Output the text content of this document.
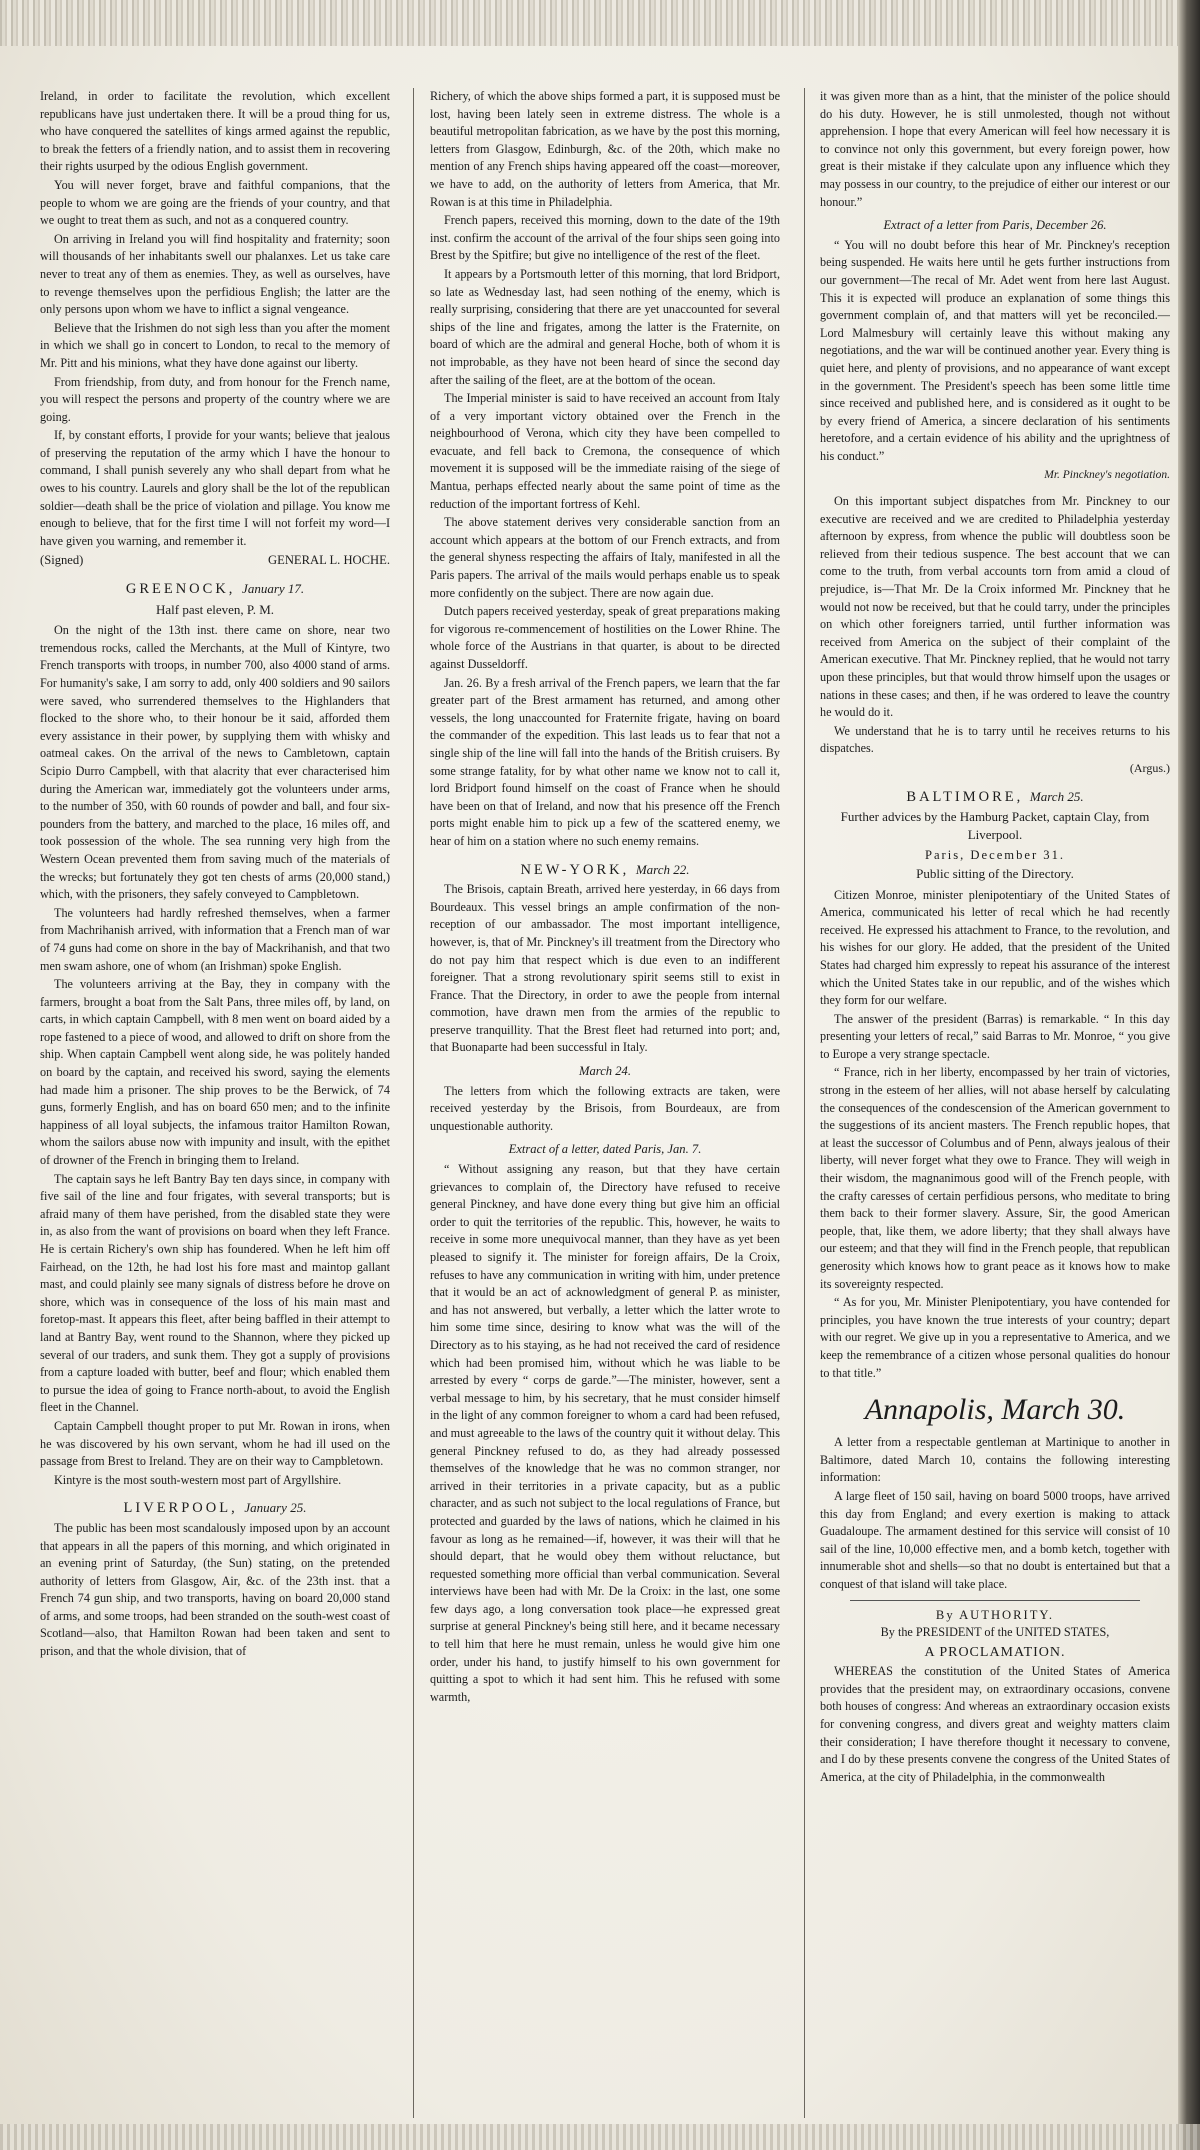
Ireland, in order to facilitate the revolution, which excellent republicans have just undertaken there. It will be a proud thing for us, who have conquered the satellites of kings armed against the republic, to break the fetters of a friendly nation, and to assist them in recovering their rights usurped by the odious English government.

You will never forget, brave and faithful companions, that the people to whom we are going are the friends of your country, and that we ought to treat them as such, and not as a conquered country.

On arriving in Ireland you will find hospitality and fraternity; soon will thousands of her inhabitants swell our phalanxes. Let us take care never to treat any of them as enemies. They, as well as ourselves, have to revenge themselves upon the perfidious English; the latter are the only persons upon whom we have to inflict a signal vengeance.

Believe that the Irishmen do not sigh less than you after the moment in which we shall go in concert to London, to recal to the memory of Mr. Pitt and his minions, what they have done against our liberty.

From friendship, from duty, and from honour for the French name, you will respect the persons and property of the country where we are going.

If, by constant efforts, I provide for your wants; believe that jealous of preserving the reputation of the army which I have the honour to command, I shall punish severely any who shall depart from what he owes to his country. Laurels and glory shall be the lot of the republican soldier—death shall be the price of violation and pillage. You know me enough to believe, that for the first time I will not forfeit my word—I have given you warning, and remember it.

(Signed)	GENERAL L. HOCHE.
GREENOCK, January 17.
Half past eleven, P. M.

On the night of the 13th inst. there came on shore, near two tremendous rocks, called the Merchants, at the Mull of Kintyre, two French transports with troops, in number 700, also 4000 stand of arms. For humanity's sake, I am sorry to add, only 400 soldiers and 90 sailors were saved, who surrendered themselves to the Highlanders that flocked to the shore who, to their honour be it said, afforded them every assistance in their power, by supplying them with whisky and oatmeal cakes. On the arrival of the news to Cambletown, captain Scipio Durro Campbell, with that alacrity that ever characterised him during the American war, immediately got the volunteers under arms, to the number of 350, with 60 rounds of powder and ball, and four six-pounders from the battery, and marched to the place, 16 miles off, and took possession of the whole. The sea running very high from the Western Ocean prevented them from saving much of the materials of the wrecks; but fortunately they got ten chests of arms (20,000 stand,) which, with the prisoners, they safely conveyed to Campbletown.

The volunteers had hardly refreshed themselves, when a farmer from Machrihanish arrived, with information that a French man of war of 74 guns had come on shore in the bay of Mackrihanish, and that two men swam ashore, one of whom (an Irishman) spoke English.

The volunteers arriving at the Bay, they in company with the farmers, brought a boat from the Salt Pans, three miles off, by land, on carts, in which captain Campbell, with 8 men went on board aided by a rope fastened to a piece of wood, and allowed to drift on shore from the ship. When captain Campbell went along side, he was politely handed on board by the captain, and received his sword, saying the elements had made him a prisoner. The ship proves to be the Berwick, of 74 guns, formerly English, and has on board 650 men; and to the infinite happiness of all loyal subjects, the infamous traitor Hamilton Rowan, whom the sailors abuse now with impunity and insult, with the epithet of drowner of the French in bringing them to Ireland.

The captain says he left Bantry Bay ten days since, in company with five sail of the line and four frigates, with several transports; but is afraid many of them have perished, from the disabled state they were in, as also from the want of provisions on board when they left France. He is certain Richery's own ship has foundered. When he left him off Fairhead, on the 12th, he had lost his fore mast and maintop gallant mast, and could plainly see many signals of distress before he drove on shore, which was in consequence of the loss of his main mast and foretop-mast. It appears this fleet, after being baffled in their attempt to land at Bantry Bay, went round to the Shannon, where they picked up several of our traders, and sunk them. They got a supply of provisions from a capture loaded with butter, beef and flour; which enabled them to pursue the idea of going to France north-about, to avoid the English fleet in the Channel.

Captain Campbell thought proper to put Mr. Rowan in irons, when he was discovered by his own servant, whom he had ill used on the passage from Brest to Ireland. They are on their way to Campbletown.

Kintyre is the most south-western most part of Argyllshire.

LIVERPOOL, January 25.

The public has been most scandalously imposed upon by an account that appears in all the papers of this morning, and which originated in an evening print of Saturday, (the Sun) stating, on the pretended authority of letters from Glasgow, Air, &c. of the 23th inst. that a French 74 gun ship, and two transports, having on board 20,000 stand of arms, and some troops, had been stranded on the south-west coast of Scotland—also, that Hamilton Rowan had been taken and sent to prison, and that the whole division, that of

Richery, of which the above ships formed a part, it is supposed must be lost, having been lately seen in extreme distress. The whole is a beautiful metropolitan fabrication, as we have by the post this morning, letters from Glasgow, Edinburgh, &c. of the 20th, which make no mention of any French ships having appeared off the coast—moreover, we have to add, on the authority of letters from America, that Mr. Rowan is at this time in Philadelphia.

French papers, received this morning, down to the date of the 19th inst. confirm the account of the arrival of the four ships seen going into Brest by the Spitfire; but give no intelligence of the rest of the fleet.

It appears by a Portsmouth letter of this morning, that lord Bridport, so late as Wednesday last, had seen nothing of the enemy, which is really surprising, considering that there are yet unaccounted for several ships of the line and frigates, among the latter is the Fraternite, on board of which are the admiral and general Hoche, both of whom it is not improbable, as they have not been heard of since the second day after the sailing of the fleet, are at the bottom of the ocean.

The Imperial minister is said to have received an account from Italy of a very important victory obtained over the French in the neighbourhood of Verona, which city they have been compelled to evacuate, and fell back to Cremona, the consequence of which movement it is supposed will be the immediate raising of the siege of Mantua, perhaps effected nearly about the same point of time as the reduction of the important fortress of Kehl.

The above statement derives very considerable sanction from an account which appears at the bottom of our French extracts, and from the general shyness respecting the affairs of Italy, manifested in all the Paris papers. The arrival of the mails would perhaps enable us to speak more confidently on the subject. There are now again due.

Dutch papers received yesterday, speak of great preparations making for vigorous re-commencement of hostilities on the Lower Rhine. The whole force of the Austrians in that quarter, is about to be directed against Dusseldorff.

Jan. 26. By a fresh arrival of the French papers, we learn that the far greater part of the Brest armament has returned, and among other vessels, the long unaccounted for Fraternite frigate, having on board the commander of the expedition. This last leads us to fear that not a single ship of the line will fall into the hands of the British cruisers. By some strange fatality, for by what other name we know not to call it, lord Bridport found himself on the coast of France when he should have been on that of Ireland, and now that his presence off the French ports might enable him to pick up a few of the scattered enemy, we hear of him on a station where no such enemy remains.

NEW-YORK, March 22.

The Brisois, captain Breath, arrived here yesterday, in 66 days from Bourdeaux. This vessel brings an ample confirmation of the non-reception of our ambassador. The most important intelligence, however, is, that of Mr. Pinckney's ill treatment from the Directory who do not pay him that respect which is due even to an indifferent foreigner. That a strong revolutionary spirit seems still to exist in France. That the Directory, in order to awe the people from internal commotion, have drawn men from the armies of the republic to preserve tranquillity. That the Brest fleet had returned into port; and, that Buonaparte had been successful in Italy.

March 24.

The letters from which the following extracts are taken, were received yesterday by the Brisois, from Bourdeaux, are from unquestionable authority.

Extract of a letter, dated Paris, Jan. 7.

“ Without assigning any reason, but that they have certain grievances to complain of, the Directory have refused to receive general Pinckney, and have done every thing but give him an official order to quit the territories of the republic. This, however, he waits to receive in some more unequivocal manner, than they have as yet been pleased to signify it. The minister for foreign affairs, De la Croix, refuses to have any communication in writing with him, under pretence that it would be an act of acknowledgment of general P. as minister, and has not answered, but verbally, a letter which the latter wrote to him some time since, desiring to know what was the will of the Directory as to his staying, as he had not received the card of residence which had been promised him, without which he was liable to be arrested by every “ corps de garde.”—The minister, however, sent a verbal message to him, by his secretary, that he must consider himself in the light of any common foreigner to whom a card had been refused, and must agreeable to the laws of the country quit it without delay. This general Pinckney refused to do, as they had already possessed themselves of the knowledge that he was no common stranger, nor arrived in their territories in a private capacity, but as a public character, and as such not subject to the local regulations of France, but protected and guarded by the laws of nations, which he claimed in his favour as long as he remained—if, however, it was their will that he should depart, that he would obey them without reluctance, but requested something more official than verbal communication. Several interviews have been had with Mr. De la Croix: in the last, one some few days ago, a long conversation took place—he expressed great surprise at general Pinckney's being still here, and it became necessary to tell him that here he must remain, unless he would give him one order, under his hand, to justify himself to his own government for quitting a spot to which it had sent him. This he refused with some warmth,

it was given more than as a hint, that the minister of the police should do his duty. However, he is still unmolested, though not without apprehension. I hope that every American will feel how necessary it is to convince not only this government, but every foreign power, how great is their mistake if they calculate upon any influence which they may possess in our country, to the prejudice of either our interest or our honour.”

Extract of a letter from Paris, December 26.

“ You will no doubt before this hear of Mr. Pinckney's reception being suspended. He waits here until he gets further instructions from our government—The recal of Mr. Adet went from here last August. This it is expected will produce an explanation of some things this government complain of, and that matters will yet be reconciled.—Lord Malmesbury will certainly leave this without making any negotiations, and the war will be continued another year. Every thing is quiet here, and plenty of provisions, and no appearance of want except in the government. The President's speech has been some little time since received and published here, and is considered as it ought to be by every friend of America, a sincere declaration of his sentiments heretofore, and a certain evidence of his ability and the uprightness of his conduct.”

Mr. Pinckney's negotiation.

On this important subject dispatches from Mr. Pinckney to our executive are received and we are credited to Philadelphia yesterday afternoon by express, from whence the public will doubtless soon be relieved from their tedious suspence. The best account that we can come to the truth, from verbal accounts torn from amid a cloud of prejudice, is—That Mr. De la Croix informed Mr. Pinckney that he would not now be received, but that he could tarry, under the principles on which other foreigners tarried, until further information was received from America on the subject of their complaint of the American executive. That Mr. Pinckney replied, that he would not tarry upon these principles, but that would throw himself upon the usages or nations in these cases; and then, if he was ordered to leave the country he would do it.

We understand that he is to tarry until he receives returns to his dispatches.

(Argus.)
BALTIMORE, March 25.
Further advices by the Hamburg Packet, captain Clay, from Liverpool.
Paris, December 31.
Public sitting of the Directory.

Citizen Monroe, minister plenipotentiary of the United States of America, communicated his letter of recal which he had recently received. He expressed his attachment to France, to the revolution, and his wishes for our glory. He added, that the president of the United States had charged him expressly to repeat his assurance of the interest which the United States take in our republic, and of the wishes which they form for our welfare.

The answer of the president (Barras) is remarkable. “ In this day presenting your letters of recal,” said Barras to Mr. Monroe, “ you give to Europe a very strange spectacle.

“ France, rich in her liberty, encompassed by her train of victories, strong in the esteem of her allies, will not abase herself by calculating the consequences of the condescension of the American government to the suggestions of its ancient masters. The French republic hopes, that at least the successor of Columbus and of Penn, always jealous of their liberty, will never forget what they owe to France. They will weigh in their wisdom, the magnanimous good will of the French people, with the crafty caresses of certain perfidious persons, who meditate to bring them back to their former slavery. Assure, Sir, the good American people, that, like them, we adore liberty; that they shall always have our esteem; and that they will find in the French people, that republican generosity which knows how to grant peace as it knows how to make its sovereignty respected.

“ As for you, Mr. Minister Plenipotentiary, you have contended for principles, you have known the true interests of your country; depart with our regret. We give up in you a representative to America, and we keep the remembrance of a citizen whose personal qualities do honour to that title.”

Annapolis, March 30.

A letter from a respectable gentleman at Martinique to another in Baltimore, dated March 10, contains the following interesting information:

A large fleet of 150 sail, having on board 5000 troops, have arrived this day from England; and every exertion is making to attack Guadaloupe. The armament destined for this service will consist of 10 sail of the line, 10,000 effective men, and a bomb ketch, together with innumerable shot and shells—so that no doubt is entertained but that a conquest of that island will take place.

By AUTHORITY.
By the PRESIDENT of the UNITED STATES,
A PROCLAMATION.

WHEREAS the constitution of the United States of America provides that the president may, on extraordinary occasions, convene both houses of congress: And whereas an extraordinary occasion exists for convening congress, and divers great and weighty matters claim their consideration; I have therefore thought it necessary to convene, and I do by these presents convene the congress of the United States of America, at the city of Philadelphia, in the commonwealth
